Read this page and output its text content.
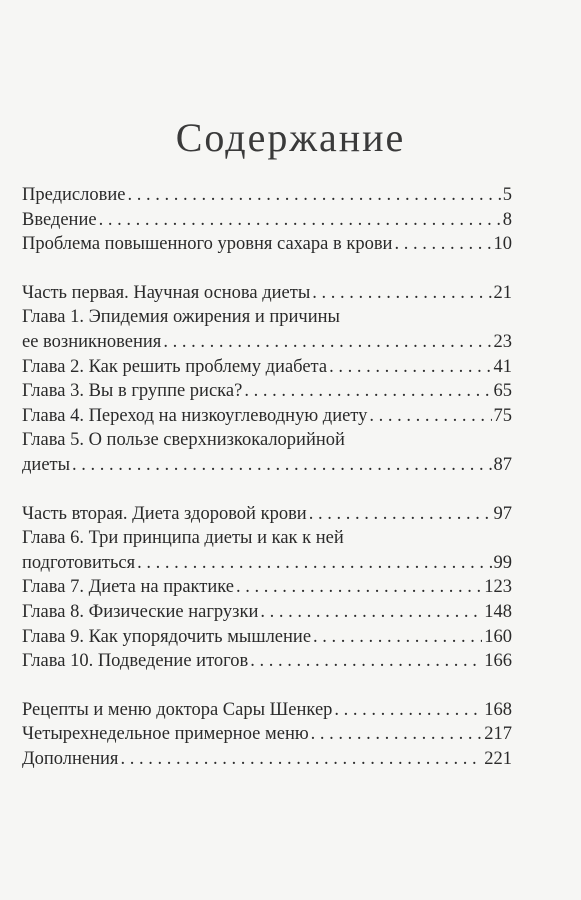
Содержание
Предисловие . . .	5
Введение . . .	8
Проблема повышенного уровня сахара в крови . . .	10
Часть первая. Научная основа диеты . . .	21
Глава 1. Эпидемия ожирения и причины
ее возникновения . . .	23
Глава 2. Как решить проблему диабета . . .	41
Глава 3. Вы в группе риска? . . .	65
Глава 4. Переход на низкоуглеводную диету . . .	75
Глава 5. О пользе сверхнизкокалорийной
диеты . . .	87
Часть вторая. Диета здоровой крови . . .	97
Глава 6. Три принципа диеты и как к ней
подготовиться . . .	99
Глава 7. Диета на практике . . .	123
Глава 8. Физические нагрузки . . .	148
Глава 9. Как упорядочить мышление . . .	160
Глава 10. Подведение итогов . . .	166
Рецепты и меню доктора Сары Шенкер . . .	168
Четырехнедельное примерное меню . . .	217
Дополнения . . .	221
